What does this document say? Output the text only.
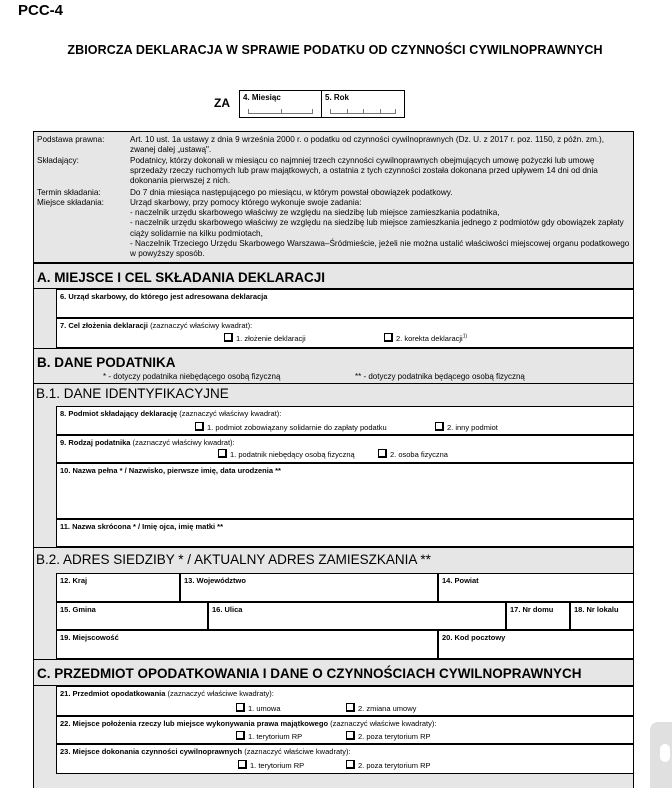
PCC-4
ZBIORCZA DEKLARACJA W SPRAWIE PODATKU OD CZYNNOŚCI CYWILNOPRAWNYCH
ZA	4. Miesiąc	5. Rok
Podstawa prawna:	Art. 10 ust. 1a ustawy z dnia 9 września 2000 r. o podatku od czynności cywilnoprawnych (Dz. U. z 2017 r. poz. 1150, z późn. zm.), zwanej dalej „ustawą".
Składający:	Podatnicy, którzy dokonali w miesiącu co najmniej trzech czynności cywilnoprawnych obejmujących umowę pożyczki lub umowę sprzedaży rzeczy ruchomych lub praw majątkowych, a ostatnia z tych czynności została dokonana przed upływem 14 dni od dnia dokonania pierwszej z nich.
Termin składania:	Do 7 dnia miesiąca następującego po miesiącu, w którym powstał obowiązek podatkowy.
Miejsce składania:	Urząd skarbowy, przy pomocy którego wykonuje swoje zadania:
- naczelnik urzędu skarbowego właściwy ze względu na siedzibę lub miejsce zamieszkania podatnika,
- naczelnik urzędu skarbowego właściwy ze względu na siedzibę lub miejsce zamieszkania jednego z podmiotów gdy obowiązek zapłaty ciąży solidarnie na kilku podmiotach,
- Naczelnik Trzeciego Urzędu Skarbowego Warszawa–Śródmieście, jeżeli nie można ustalić właściwości miejscowej organu podatkowego w powyższy sposób.
A. MIEJSCE I CEL SKŁADANIA DEKLARACJI
6. Urząd skarbowy, do którego jest adresowana deklaracja
7. Cel złożenia deklaracji (zaznaczyć właściwy kwadrat):
1. złożenie deklaracji	2. korekta deklaracji$^{1)}$
B. DANE PODATNIKA
* - dotyczy podatnika niebędącego osobą fizyczną	** - dotyczy podatnika będącego osobą fizyczną
B.1. DANE IDENTYFIKACYJNE
8. Podmiot składający deklarację (zaznaczyć właściwy kwadrat):
1. podmiot zobowiązany solidarnie do zapłaty podatku	2. inny podmiot
9. Rodzaj podatnika (zaznaczyć właściwy kwadrat):
1. podatnik niebędący osobą fizyczną	2. osoba fizyczna
10. Nazwa pełna * / Nazwisko, pierwsze imię, data urodzenia **
11. Nazwa skrócona * / Imię ojca, imię matki **
B.2. ADRES SIEDZIBY * / AKTUALNY ADRES ZAMIESZKANIA **
12. Kraj	13. Województwo	14. Powiat
15. Gmina	16. Ulica	17. Nr domu	18. Nr lokalu
19. Miejscowość	20. Kod pocztowy
C. PRZEDMIOT OPODATKOWANIA I DANE O CZYNNOŚCIACH CYWILNOPRAWNYCH
21. Przedmiot opodatkowania (zaznaczyć właściwe kwadraty):
1. umowa	2. zmiana umowy
22. Miejsce położenia rzeczy lub miejsce wykonywania prawa majątkowego (zaznaczyć właściwe kwadraty):
1. terytorium RP	2. poza terytorium RP
23. Miejsce dokonania czynności cywilnoprawnych (zaznaczyć właściwe kwadraty):
1. terytorium RP	2. poza terytorium RP
